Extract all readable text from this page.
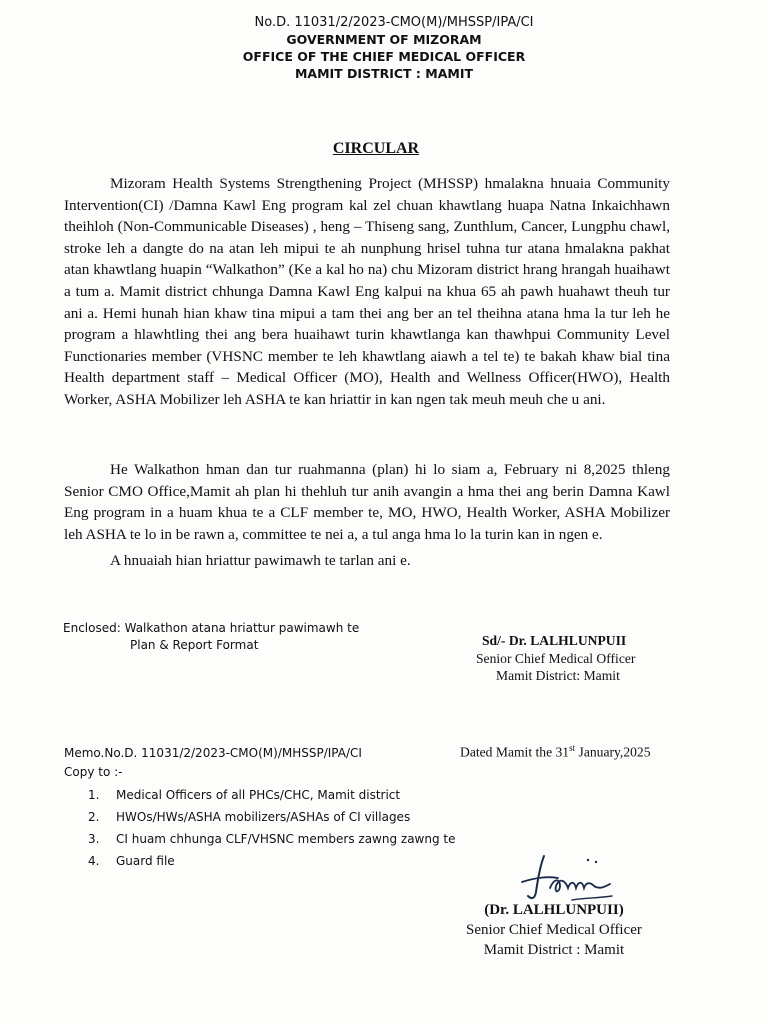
No.D. 11031/2/2023-CMO(M)/MHSSP/IPA/CI
GOVERNMENT OF MIZORAM
OFFICE OF THE CHIEF MEDICAL OFFICER
MAMIT DISTRICT : MAMIT
CIRCULAR
Mizoram Health Systems Strengthening Project (MHSSP) hmalakna hnuaia Community Intervention(CI) /Damna Kawl Eng program kal zel chuan khawtlang huapa Natna Inkaichhawn theihloh (Non-Communicable Diseases) , heng – Thiseng sang, Zunthlum, Cancer, Lungphu chawl, stroke leh a dangte do na atan leh mipui te ah nunphung hrisel tuhna tur atana hmalakna pakhat atan khawtlang huapin “Walkathon” (Ke a kal ho na) chu Mizoram district hrang hrangah huaihawt a tum a. Mamit district chhunga Damna Kawl Eng kalpui na khua 65 ah pawh huahawt theuh tur ani a. Hemi hunah hian khaw tina mipui a tam thei ang ber an tel theihna atana hma la tur leh he program a hlawhtling thei ang bera huaihawt turin khawtlanga kan thawhpui Community Level Functionaries member (VHSNC member te leh khawtlang aiawh a tel te) te bakah khaw bial tina Health department staff – Medical Officer (MO), Health and Wellness Officer(HWO), Health Worker, ASHA Mobilizer leh ASHA te kan hriattir in kan ngen tak meuh meuh che u ani.
He Walkathon hman dan tur ruahmanna (plan) hi lo siam a, February ni 8,2025 thleng Senior CMO Office,Mamit ah plan hi thehluh tur anih avangin a hma thei ang berin Damna Kawl Eng program in a huam khua te a CLF member te, MO, HWO, Health Worker, ASHA Mobilizer leh ASHA te lo in be rawn a, committee te nei a, a tul anga hma lo la turin kan in ngen e.
A hnuaiah hian hriattur pawimawh te tarlan ani e.
Enclosed: Walkathon atana hriattur pawimawh te
Plan & Report Format	Sd/- Dr. LALHLUNPUII
Senior Chief Medical Officer
Mamit District: Mamit
Memo.No.D. 11031/2/2023-CMO(M)/MHSSP/IPA/CI	Dated Mamit the 31st January,2025
Copy to :-
1. Medical Officers of all PHCs/CHC, Mamit district
2. HWOs/HWs/ASHA mobilizers/ASHAs of CI villages
3. CI huam chhunga CLF/VHSNC members zawng zawng te
4. Guard file
(Dr. LALHLUNPUII)
Senior Chief Medical Officer
Mamit District : Mamit
